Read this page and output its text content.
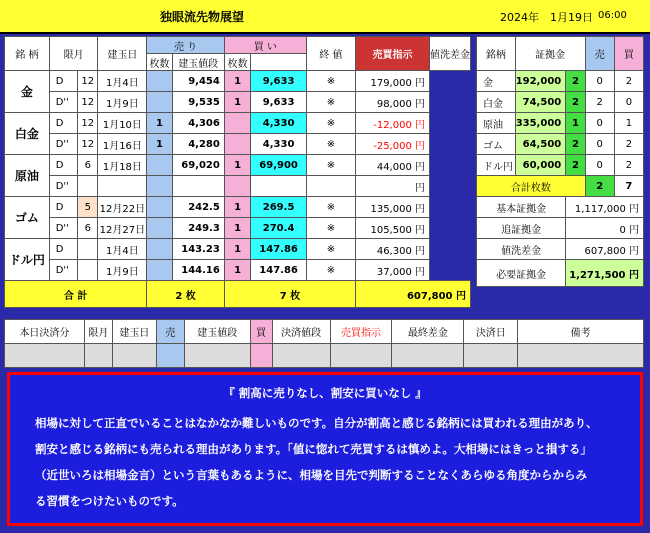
独眼流先物展望	2024年　1月19日 06:00
銘 柄	限月		建玉日	売 り		買 い		終 値	売買指示	値洗差金
				枚数	建玉値段	枚数				
金	D	12	1月4日		9,454	1	9,633	※	179,000 円	
	D''	12	1月9日		9,535	1	9,633	※	98,000 円	
白金	D	12	1月10日	1	4,306		4,330	※	-12,000 円	
	D''	12	1月16日	1	4,280		4,330	※	-25,000 円	
原油	D	6	1月18日		69,020	1	69,900	※	44,000 円	
	D''								円	
ゴム	D	5	12月22日		242.5	1	269.5	※	135,000 円	
	D''	6	12月27日		249.3	1	270.4	※	105,500 円	
ドル円	D		1月4日		143.23	1	147.86	※	46,300 円	
	D''		1月9日		144.16	1	147.86	※	37,000 円	
合 計				2 枚		7 枚			607,800 円	
銘柄	証拠金		売	買
金	192,000	2	0	2
白金	74,500	2	2	0
原油	335,000	1	0	1
ゴム	64,500	2	0	2
ドル円	60,000	2	0	2
合計枚数			2	7
基本証拠金		1,117,000 円		
追証拠金		0 円		
値洗差金		607,800 円		
必要証拠金		1,271,500 円		
本日決済分	限月	建玉日	売	建玉値段	買	決済値段	売買指示	最終差金	決済日	備考

『 割高に売りなし、割安に買いなし 』
相場に対して正直でいることはなかなか難しいものです。自分が割高と感じる銘柄には買われる理由があり、
割安と感じる銘柄にも売られる理由があります。「値に惚れて売買するは慎めよ。大相場にはきっと損する」
（近世いろは相場金言）という言葉もあるように、相場を目先で判断することなくあらゆる角度からからみ
る習慣をつけたいものです。
